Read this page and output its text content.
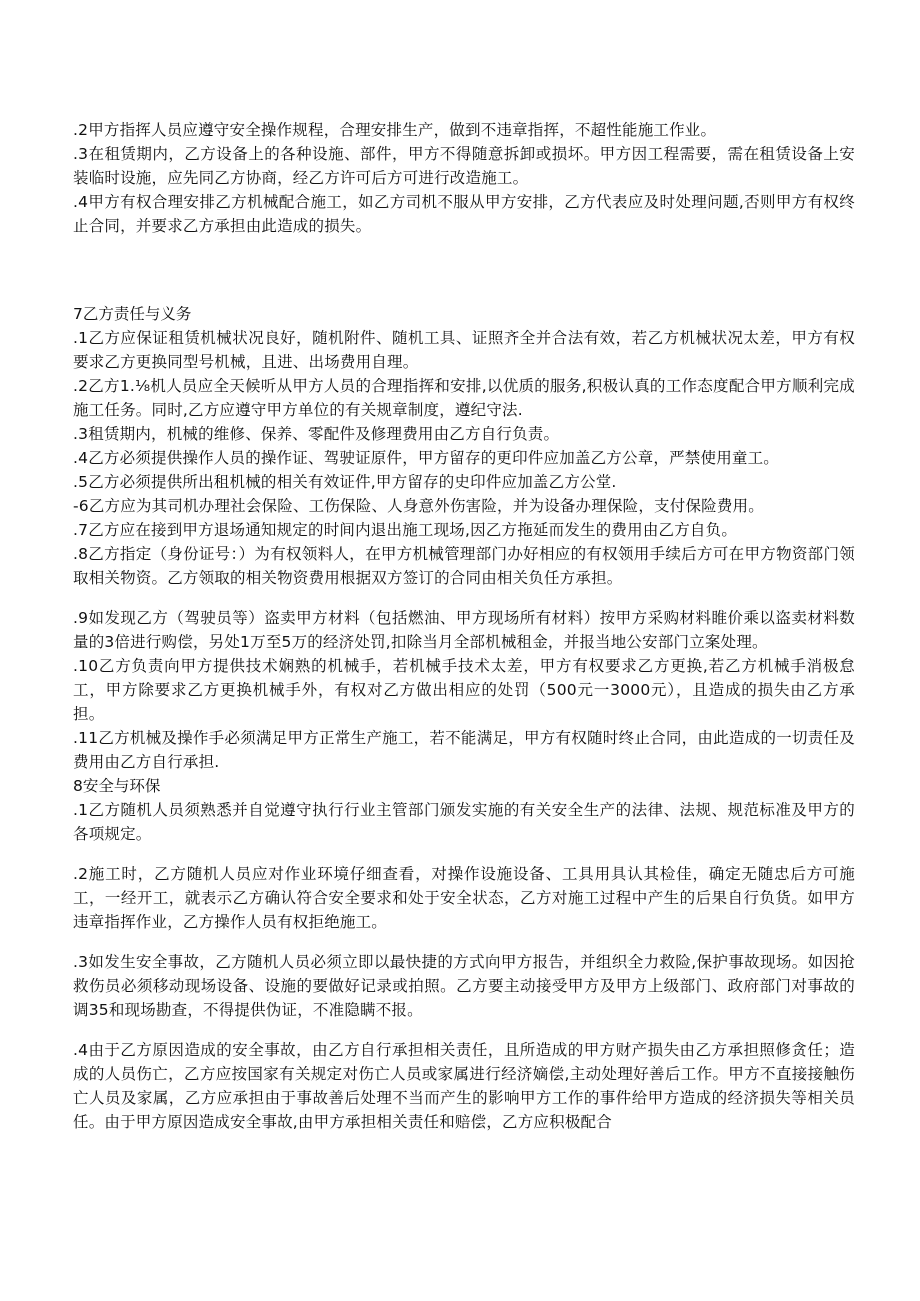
.2甲方指挥人员应遵守安全操作规程，合理安排生产，做到不违章指挥，不超性能施工作业。

.3在租赁期内，乙方设备上的各种设施、部件，甲方不得随意拆卸或损坏。甲方因工程需要，需在租赁设备上安装临时设施，应先同乙方协商，经乙方许可后方可进行改造施工。

.4甲方有权合理安排乙方机械配合施工，如乙方司机不服从甲方安排，乙方代表应及时处理问题,否则甲方有权终止合同，并要求乙方承担由此造成的损失。

7乙方责任与义务

.1乙方应保证租赁机械状况良好，随机附件、随机工具、证照齐全并合法有效，若乙方机械状况太差，甲方有权要求乙方更换同型号机械，且进、出场费用自理。

.2乙方1.⅛机人员应全天候听从甲方人员的合理指挥和安排,以优质的服务,积极认真的工作态度配合甲方顺利完成施工任务。同时,乙方应遵守甲方单位的有关规章制度，遵纪守法.

.3租赁期内，机械的维修、保养、零配件及修理费用由乙方自行负责。

.4乙方必须提供操作人员的操作证、驾驶证原件，甲方留存的更印件应加盖乙方公章，严禁使用童工。

.5乙方必须提供所出租机械的相关有效证件,甲方留存的史印件应加盖乙方公堂.

-6乙方应为其司机办理社会保险、工伤保险、人身意外伤害险，并为设备办理保险，支付保险费用。

.7乙方应在接到甲方退场通知规定的时间内退出施工现场,因乙方拖延而发生的费用由乙方自负。

.8乙方指定（身份证号：）为有权领料人，在甲方机械管理部门办好相应的有权领用手续后方可在甲方物资部门领取相关物资。乙方领取的相关物资费用根据双方签订的合同由相关负任方承担。

.9如发现乙方（驾驶员等）盗卖甲方材料（包括燃油、甲方现场所有材料）按甲方采购材料睢价乘以盗卖材料数量的3倍进行购偿，另处1万至5万的经济处罚,扣除当月全部机械租金，并报当地公安部门立案处理。

.10乙方负责向甲方提供技术娴熟的机械手，若机械手技术太差，甲方有权要求乙方更换,若乙方机械手消极怠工，甲方除要求乙方更换机械手外，有权对乙方做出相应的处罚（500元一3000元），且造成的损失由乙方承担。

.11乙方机械及操作手必须满足甲方正常生产施工，若不能满足，甲方有权随时终止合同，由此造成的一切责任及费用由乙方自行承担.

8安全与环保

.1乙方随机人员须熟悉并自觉遵守执行行业主管部门颁发实施的有关安全生产的法律、法规、规范标准及甲方的各项规定。

.2施工时，乙方随机人员应对作业环境仔细查看，对操作设施设备、工具用具认其检佳，确定无随忠后方可施工，一经开工，就表示乙方确认符合安全要求和处于安全状态，乙方对施工过程中产生的后果自行负货。如甲方违章指挥作业，乙方操作人员有权拒绝施工。

.3如发生安全事故，乙方随机人员必须立即以最快捷的方式向甲方报告，并组织全力救险,保护事故现场。如因抢救伤员必须移动现场设备、设施的要做好记录或拍照。乙方要主动接受甲方及甲方上级部门、政府部门对事故的调35和现场勘查，不得提供伪证，不准隐瞒不报。

.4由于乙方原因造成的安全事故，由乙方自行承担相关责任，且所造成的甲方财产损失由乙方承担照修贪任；造成的人员伤亡，乙方应按国家有关规定对伤亡人员或家属进行经济嫡偿,主动处理好善后工作。甲方不直接接触伤亡人员及家属，乙方应承担由于事故善后处理不当而产生的影响甲方工作的事件给甲方造成的经济损失等相关员任。由于甲方原因造成安全事故,由甲方承担相关责任和赔偿，乙方应积极配合
